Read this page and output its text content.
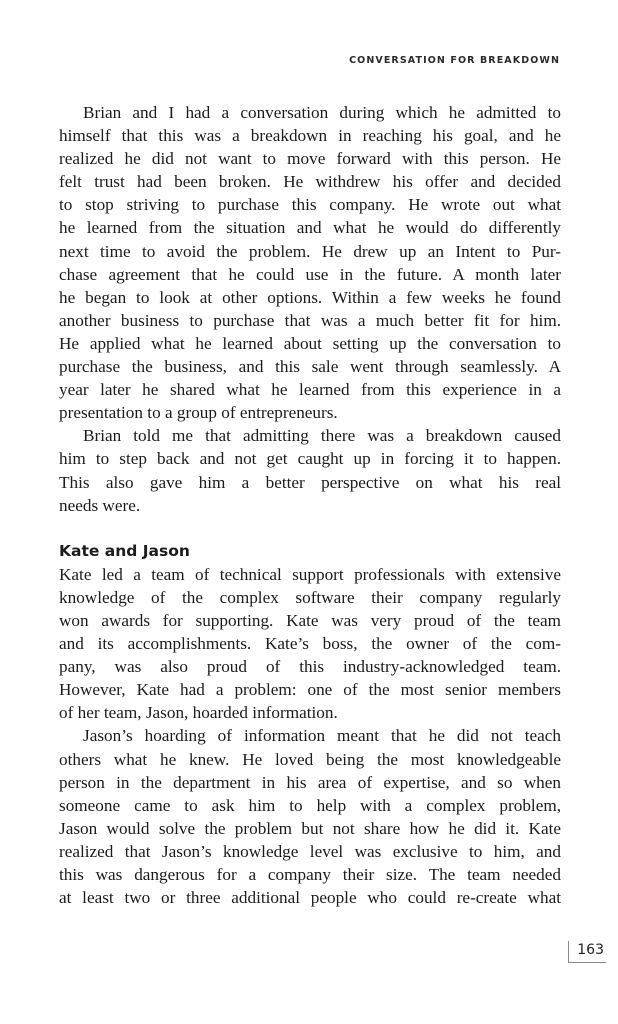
CONVERSATION FOR BREAKDOWN

Brian and I had a conversation during which he admitted to
himself that this was a breakdown in reaching his goal, and he
realized he did not want to move forward with this person. He
felt trust had been broken. He withdrew his offer and decided
to stop striving to purchase this company. He wrote out what
he learned from the situation and what he would do differently
next time to avoid the problem. He drew up an Intent to Pur-
chase agreement that he could use in the future. A month later
he began to look at other options. Within a few weeks he found
another business to purchase that was a much better fit for him.
He applied what he learned about setting up the conversation to
purchase the business, and this sale went through seamlessly. A
year later he shared what he learned from this experience in a
presentation to a group of entrepreneurs.

Brian told me that admitting there was a breakdown caused
him to step back and not get caught up in forcing it to happen.
This also gave him a better perspective on what his real
needs were.

Kate and Jason

Kate led a team of technical support professionals with extensive
knowledge of the complex software their company regularly
won awards for supporting. Kate was very proud of the team
and its accomplishments. Kate’s boss, the owner of the com-
pany, was also proud of this industry-acknowledged team.
However, Kate had a problem: one of the most senior members
of her team, Jason, hoarded information.

Jason’s hoarding of information meant that he did not teach
others what he knew. He loved being the most knowledgeable
person in the department in his area of expertise, and so when
someone came to ask him to help with a complex problem,
Jason would solve the problem but not share how he did it. Kate
realized that Jason’s knowledge level was exclusive to him, and
this was dangerous for a company their size. The team needed
at least two or three additional people who could re-create what

163
